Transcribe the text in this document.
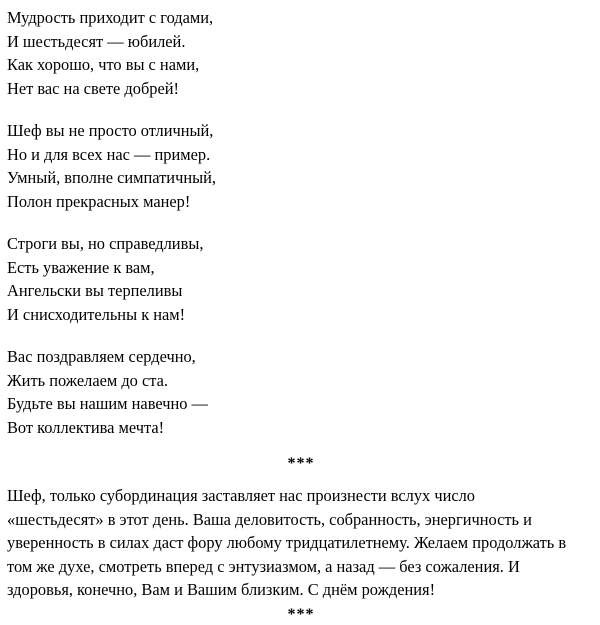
Мудрость приходит с годами,
И шестьдесят — юбилей.
Как хорошо, что вы с нами,
Нет вас на свете добрей!
Шеф вы не просто отличный,
Но и для всех нас — пример.
Умный, вполне симпатичный,
Полон прекрасных манер!
Строги вы, но справедливы,
Есть уважение к вам,
Ангельски вы терпеливы
И снисходительны к нам!
Вас поздравляем сердечно,
Жить пожелаем до ста.
Будьте вы нашим навечно —
Вот коллектива мечта!
***
Шеф, только субординация заставляет нас произнести вслух число
«шестьдесят» в этот день. Ваша деловитость, собранность, энергичность и
уверенность в силах даст фору любому тридцатилетнему. Желаем продолжать в
том же духе, смотреть вперед с энтузиазмом, а назад — без сожаления. И
здоровья, конечно, Вам и Вашим близким. С днём рождения!
***
